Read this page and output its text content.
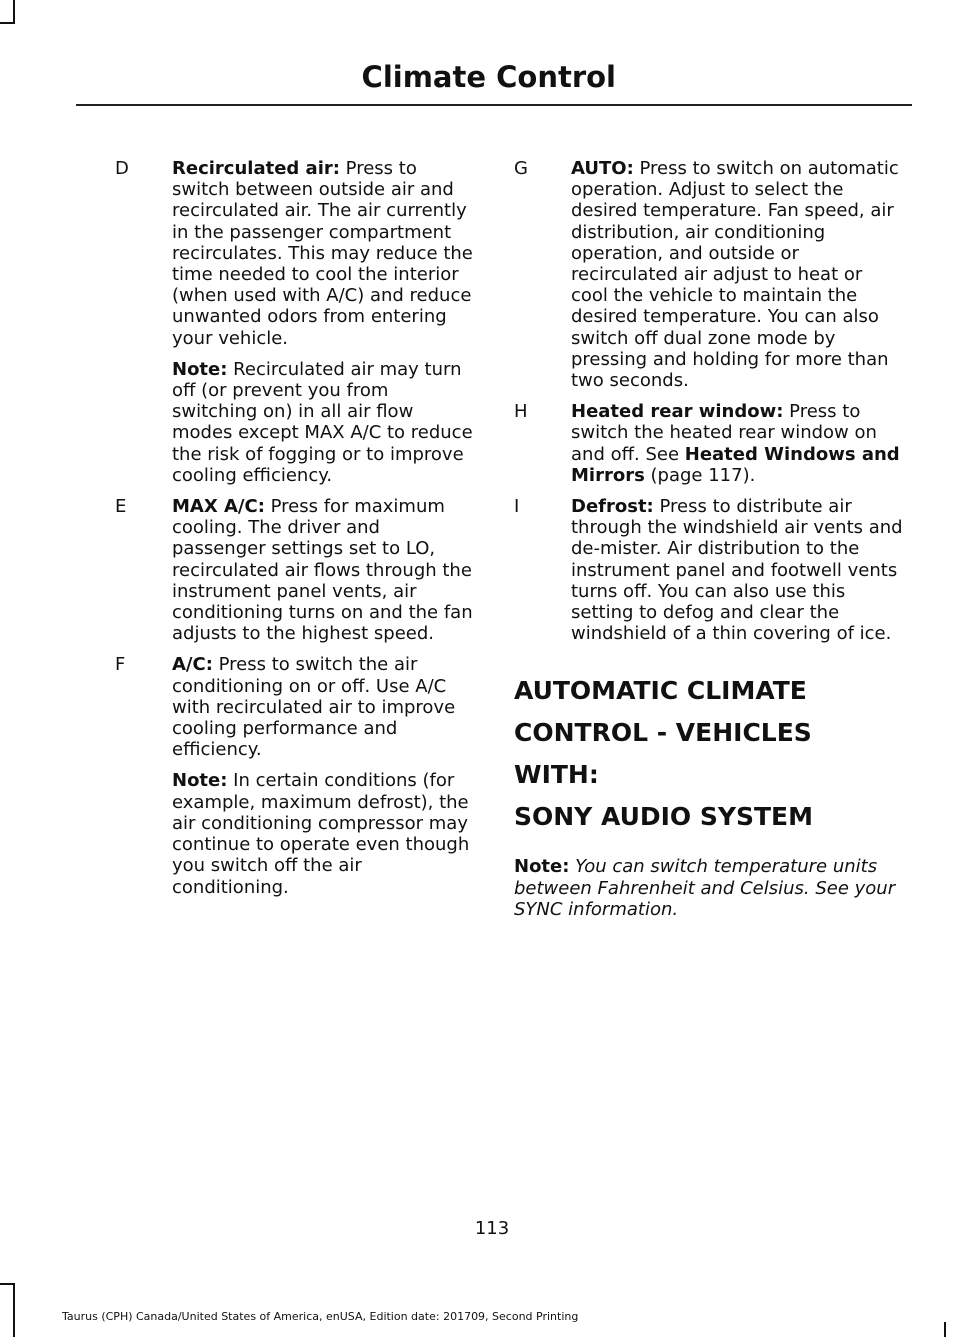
Climate Control
D	Recirculated air: Press to switch between outside air and recirculated air. The air currently in the passenger compartment recirculates. This may reduce the time needed to cool the interior (when used with A/C) and reduce unwanted odors from entering your vehicle.

Note: Recirculated air may turn off (or prevent you from switching on) in all air flow modes except MAX A/C to reduce the risk of fogging or to improve cooling efficiency.

E	MAX A/C: Press for maximum cooling. The driver and passenger settings set to LO, recirculated air flows through the instrument panel vents, air conditioning turns on and the fan adjusts to the highest speed.

F	A/C: Press to switch the air conditioning on or off. Use A/C with recirculated air to improve cooling performance and efficiency.

Note: In certain conditions (for example, maximum defrost), the air conditioning compressor may continue to operate even though you switch off the air conditioning.

G	AUTO: Press to switch on automatic operation. Adjust to select the desired temperature. Fan speed, air distribution, air conditioning operation, and outside or recirculated air adjust to heat or cool the vehicle to maintain the desired temperature. You can also switch off dual zone mode by pressing and holding for more than two seconds.

H	Heated rear window: Press to switch the heated rear window on and off. See Heated Windows and Mirrors (page 117).

I	Defrost: Press to distribute air through the windshield air vents and de-mister. Air distribution to the instrument panel and footwell vents turns off. You can also use this setting to defog and clear the windshield of a thin covering of ice.

AUTOMATIC CLIMATE
CONTROL - VEHICLES WITH:
SONY AUDIO SYSTEM
Note: You can switch temperature units between Fahrenheit and Celsius. See your SYNC information.
113
Taurus (CPH) Canada/United States of America, enUSA, Edition date: 201709, Second Printing
